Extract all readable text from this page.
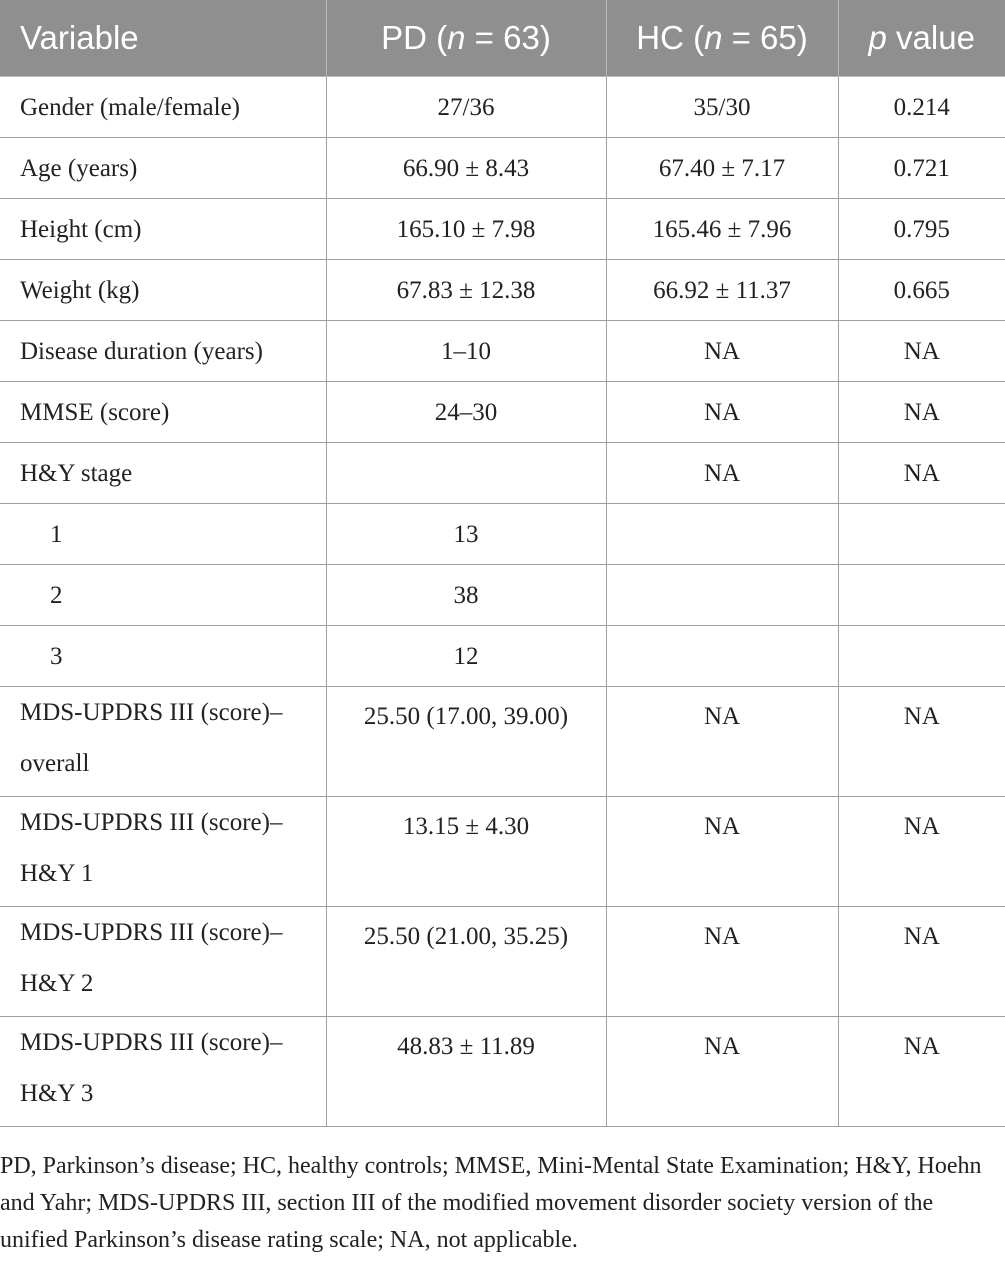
Variable	PD (n = 63)	HC (n = 65)	p value
Gender (male/female)	27/36	35/30	0.214
Age (years)	66.90 ± 8.43	67.40 ± 7.17	0.721
Height (cm)	165.10 ± 7.98	165.46 ± 7.96	0.795
Weight (kg)	67.83 ± 12.38	66.92 ± 11.37	0.665
Disease duration (years)	1–10	NA	NA
MMSE (score)	24–30	NA	NA
H&Y stage		NA	NA
1	13		
2	38		
3	12		
MDS-UPDRS III (score)–overall	25.50 (17.00, 39.00)	NA	NA
MDS-UPDRS III (score)–H&Y 1	13.15 ± 4.30	NA	NA
MDS-UPDRS III (score)–H&Y 2	25.50 (21.00, 35.25)	NA	NA
MDS-UPDRS III (score)–H&Y 3	48.83 ± 11.89	NA	NA
PD, Parkinson’s disease; HC, healthy controls; MMSE, Mini-Mental State Examination; H&Y, Hoehn and Yahr; MDS-UPDRS III, section III of the modified movement disorder society version of the unified Parkinson’s disease rating scale; NA, not applicable.
